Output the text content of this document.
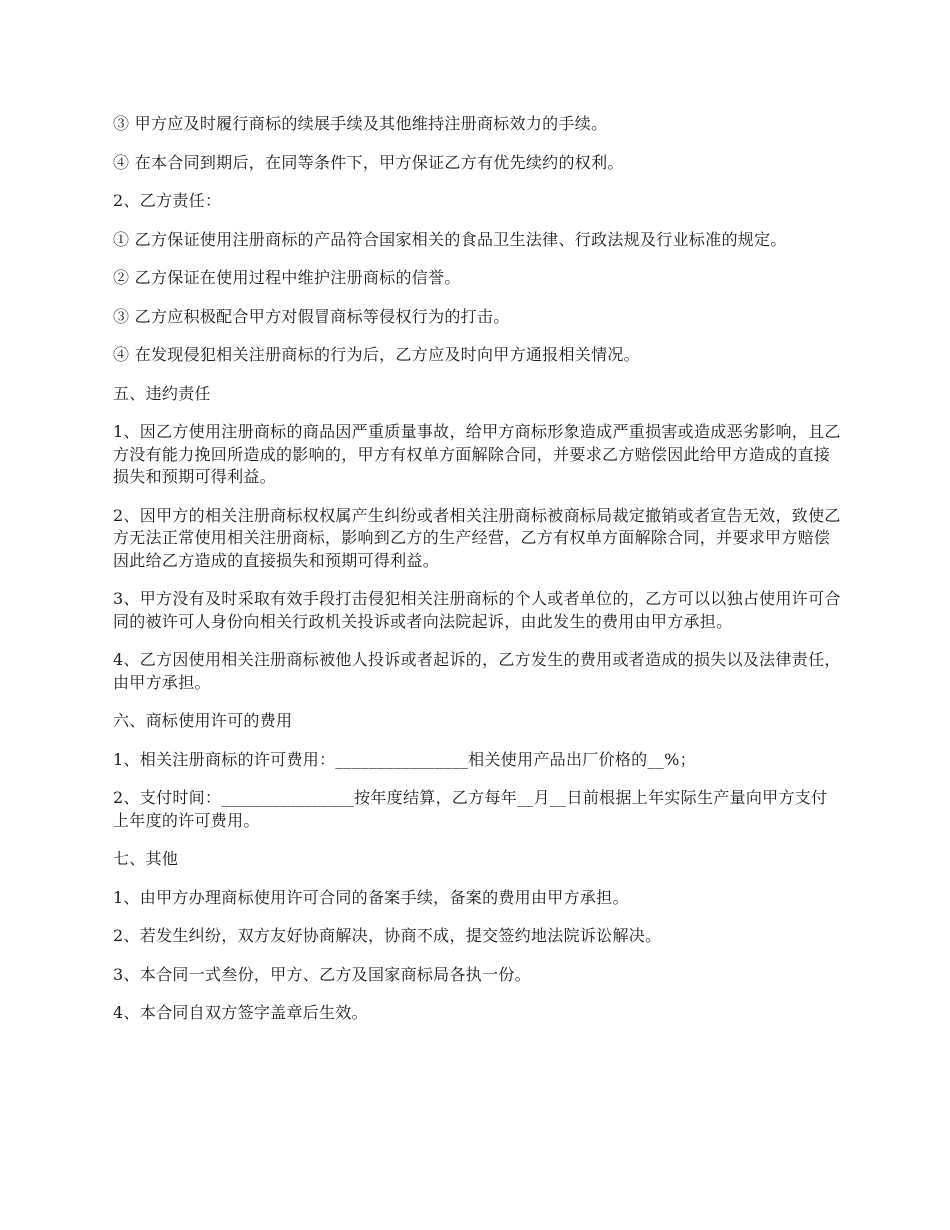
③ 甲方应及时履行商标的续展手续及其他维持注册商标效力的手续。

④ 在本合同到期后，在同等条件下，甲方保证乙方有优先续约的权利。

2、乙方责任：

① 乙方保证使用注册商标的产品符合国家相关的食品卫生法律、行政法规及行业标准的规定。

② 乙方保证在使用过程中维护注册商标的信誉。

③ 乙方应积极配合甲方对假冒商标等侵权行为的打击。

④ 在发现侵犯相关注册商标的行为后，乙方应及时向甲方通报相关情况。

五、违约责任

1、因乙方使用注册商标的商品因严重质量事故，给甲方商标形象造成严重损害或造成恶劣影响，且乙方没有能力挽回所造成的影响的，甲方有权单方面解除合同，并要求乙方赔偿因此给甲方造成的直接损失和预期可得利益。

2、因甲方的相关注册商标权权属产生纠纷或者相关注册商标被商标局裁定撤销或者宣告无效，致使乙方无法正常使用相关注册商标，影响到乙方的生产经营，乙方有权单方面解除合同，并要求甲方赔偿因此给乙方造成的直接损失和预期可得利益。

3、甲方没有及时采取有效手段打击侵犯相关注册商标的个人或者单位的，乙方可以以独占使用许可合同的被许可人身份向相关行政机关投诉或者向法院起诉，由此发生的费用由甲方承担。

4、乙方因使用相关注册商标被他人投诉或者起诉的，乙方发生的费用或者造成的损失以及法律责任，由甲方承担。

六、商标使用许可的费用

1、相关注册商标的许可费用：________________相关使用产品出厂价格的__%；

2、支付时间：________________按年度结算，乙方每年__月__日前根据上年实际生产量向甲方支付上年度的许可费用。

七、其他

1、由甲方办理商标使用许可合同的备案手续，备案的费用由甲方承担。

2、若发生纠纷，双方友好协商解决，协商不成，提交签约地法院诉讼解决。

3、本合同一式叁份，甲方、乙方及国家商标局各执一份。

4、本合同自双方签字盖章后生效。
